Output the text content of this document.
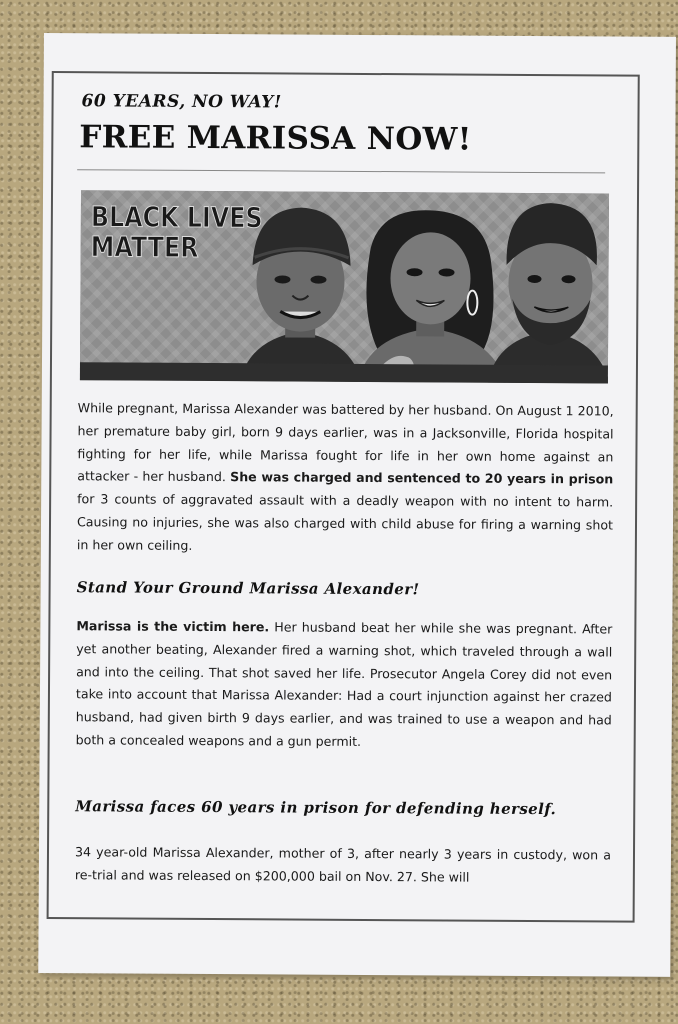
60 YEARS, NO WAY!
FREE MARISSA NOW!
BLACK LIVES
MATTER
While pregnant, Marissa Alexander was battered by her husband. On August 1 2010, her premature baby girl, born 9 days earlier, was in a Jacksonville, Florida hospital fighting for her life, while Marissa fought for life in her own home against an attacker - her husband. She was charged and sentenced to 20 years in prison for 3 counts of aggravated assault with a deadly weapon with no intent to harm. Causing no injuries, she was also charged with child abuse for firing a warning shot in her own ceiling.
Stand Your Ground Marissa Alexander!
Marissa is the victim here. Her husband beat her while she was pregnant. After yet another beating, Alexander fired a warning shot, which traveled through a wall and into the ceiling. That shot saved her life. Prosecutor Angela Corey did not even take into account that Marissa Alexander: Had a court injunction against her crazed husband, had given birth 9 days earlier, and was trained to use a weapon and had both a concealed weapons and a gun permit.
Marissa faces 60 years in prison for defending herself.
34 year-old Marissa Alexander, mother of 3, after nearly 3 years in custody, won a re-trial and was released on $200,000 bail on Nov. 27. She will
